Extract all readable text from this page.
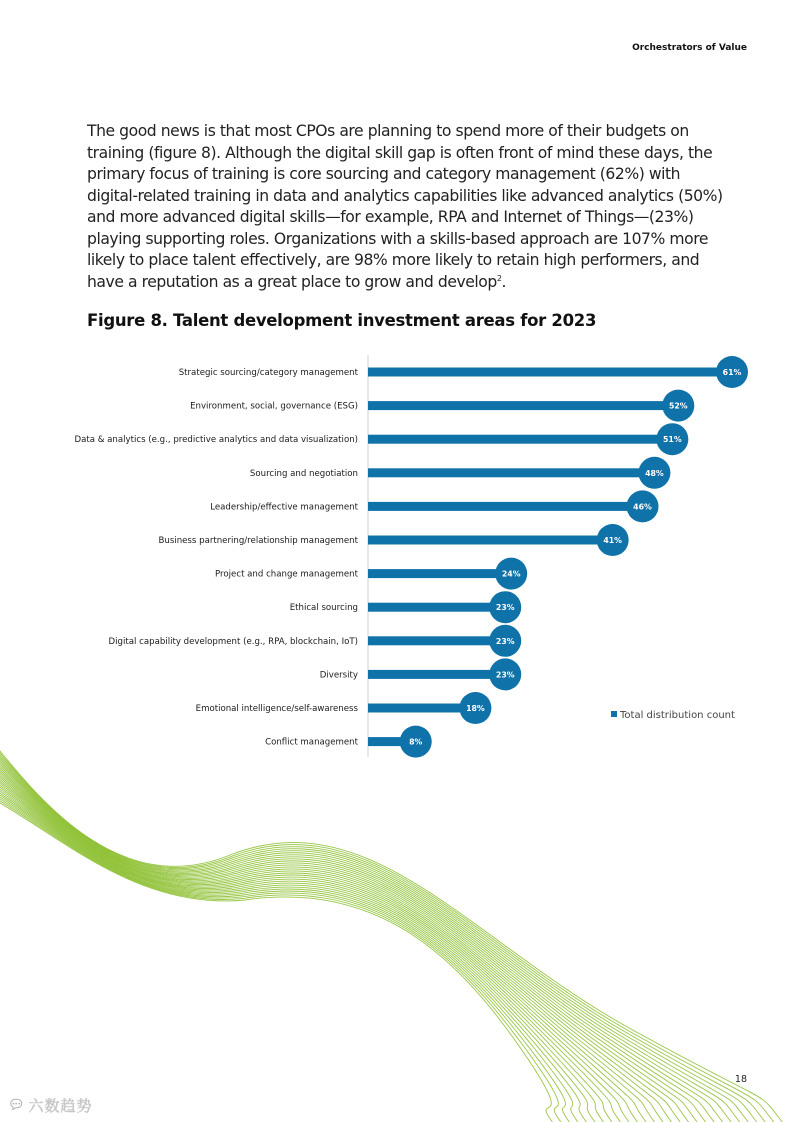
Orchestrators of Value
The good news is that most CPOs are planning to spend more of their budgets on training (figure 8). Although the digital skill gap is often front of mind these days, the primary focus of training is core sourcing and category management (62%) with digital-related training in data and analytics capabilities like advanced analytics (50%) and more advanced digital skills—for example, RPA and Internet of Things—(23%) playing supporting roles. Organizations with a skills-based approach are 107% more likely to place talent effectively, are 98% more likely to retain high performers, and have a reputation as a great place to grow and develop$^2$.
Figure 8. Talent development investment areas for 2023
Strategic sourcing/category management	61%
Environment, social, governance (ESG)	52%
Data & analytics (e.g., predictive analytics and data visualization)	51%
Sourcing and negotiation	48%
Leadership/effective management	46%
Business partnering/relationship management	41%
Project and change management	24%
Ethical sourcing	23%
Digital capability development (e.g., RPA, blockchain, IoT)	23%
Diversity	23%
Emotional intelligence/self-awareness	18%
Conflict management	8%
Total distribution count
18
💬︎ 六数趋势
